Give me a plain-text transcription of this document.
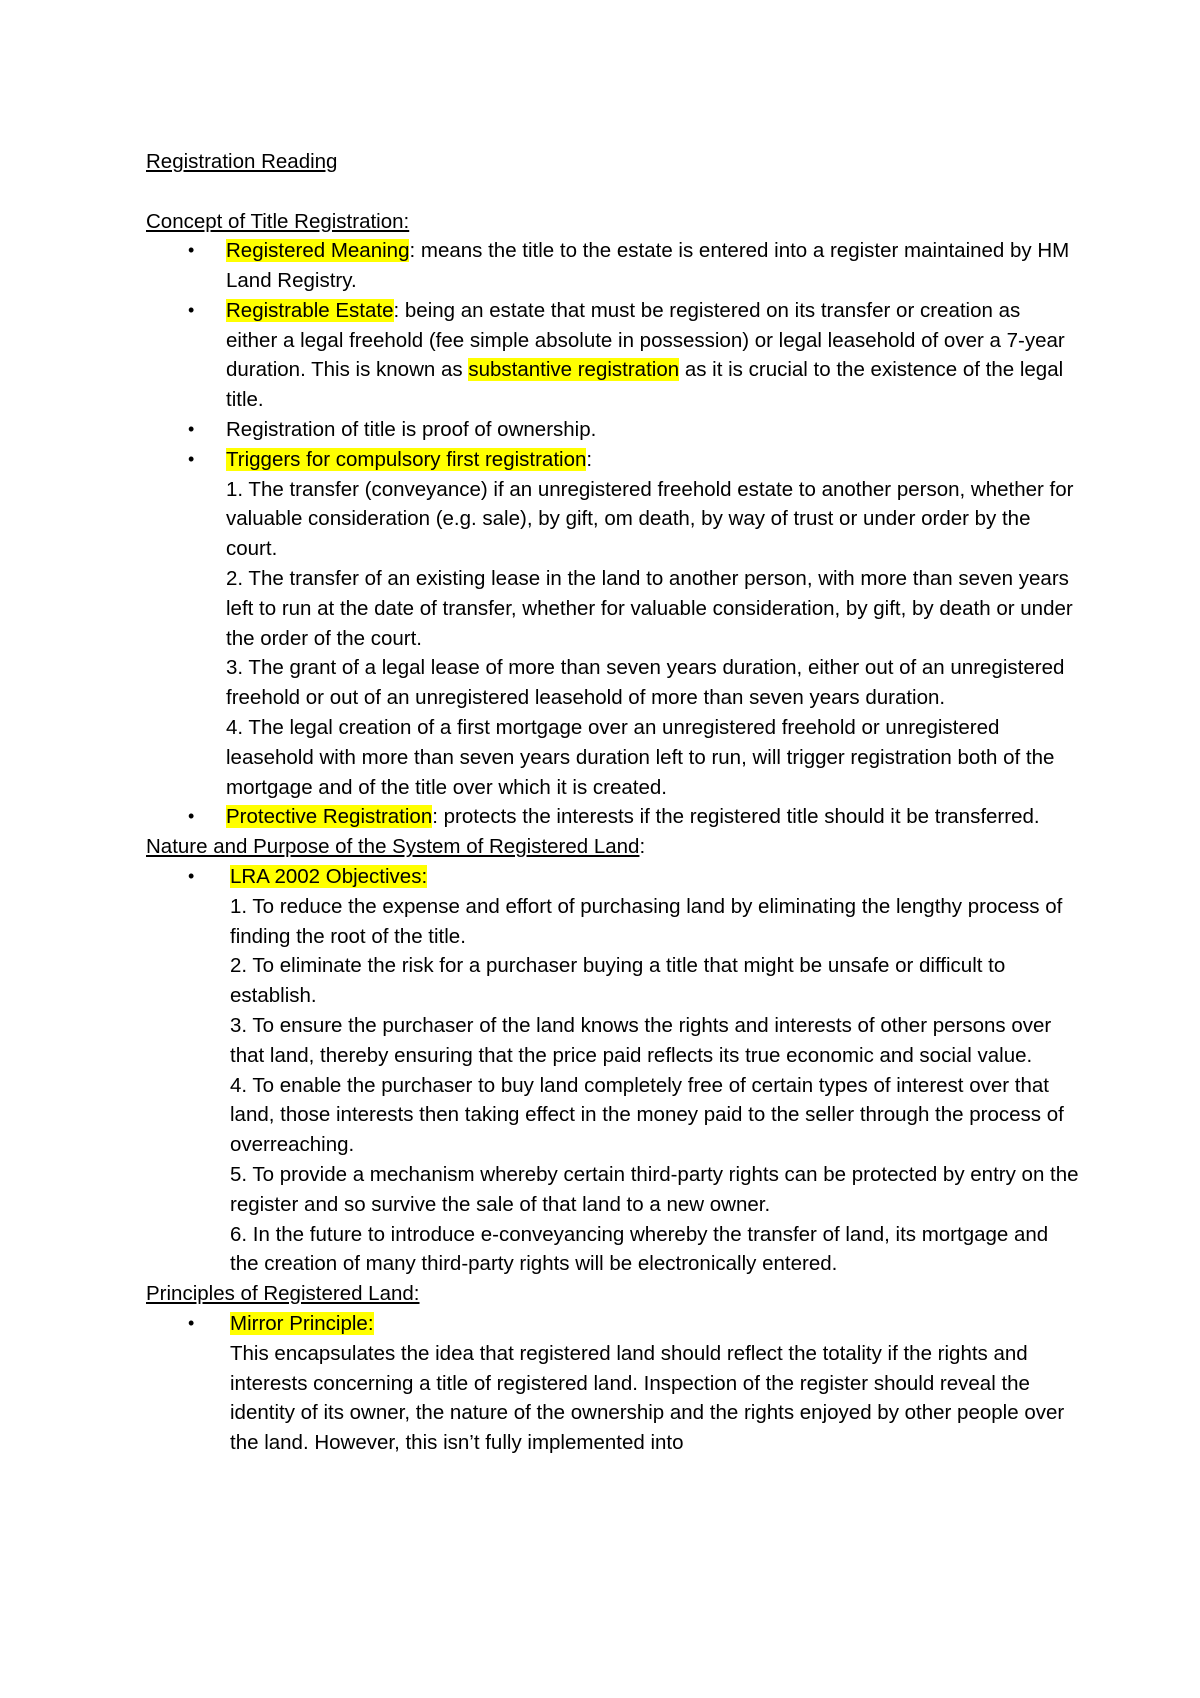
Registration Reading

Concept of Title Registration:

• Registered Meaning: means the title to the estate is entered into a register maintained by HM Land Registry.
• Registrable Estate: being an estate that must be registered on its transfer or creation as either a legal freehold (fee simple absolute in possession) or legal leasehold of over a 7-year duration. This is known as substantive registration as it is crucial to the existence of the legal title.
• Registration of title is proof of ownership.
• Triggers for compulsory first registration:
1. The transfer (conveyance) if an unregistered freehold estate to another person, whether for valuable consideration (e.g. sale), by gift, om death, by way of trust or under order by the court.
2. The transfer of an existing lease in the land to another person, with more than seven years left to run at the date of transfer, whether for valuable consideration, by gift, by death or under the order of the court.
3. The grant of a legal lease of more than seven years duration, either out of an unregistered freehold or out of an unregistered leasehold of more than seven years duration.
4. The legal creation of a first mortgage over an unregistered freehold or unregistered leasehold with more than seven years duration left to run, will trigger registration both of the mortgage and of the title over which it is created.
• Protective Registration: protects the interests if the registered title should it be transferred.

Nature and Purpose of the System of Registered Land:

• LRA 2002 Objectives:
1. To reduce the expense and effort of purchasing land by eliminating the lengthy process of finding the root of the title.
2. To eliminate the risk for a purchaser buying a title that might be unsafe or difficult to establish.
3. To ensure the purchaser of the land knows the rights and interests of other persons over that land, thereby ensuring that the price paid reflects its true economic and social value.
4. To enable the purchaser to buy land completely free of certain types of interest over that land, those interests then taking effect in the money paid to the seller through the process of overreaching.
5. To provide a mechanism whereby certain third-party rights can be protected by entry on the register and so survive the sale of that land to a new owner.
6. In the future to introduce e-conveyancing whereby the transfer of land, its mortgage and the creation of many third-party rights will be electronically entered.

Principles of Registered Land:

• Mirror Principle:
This encapsulates the idea that registered land should reflect the totality if the rights and interests concerning a title of registered land. Inspection of the register should reveal the identity of its owner, the nature of the ownership and the rights enjoyed by other people over the land. However, this isn’t fully implemented into
